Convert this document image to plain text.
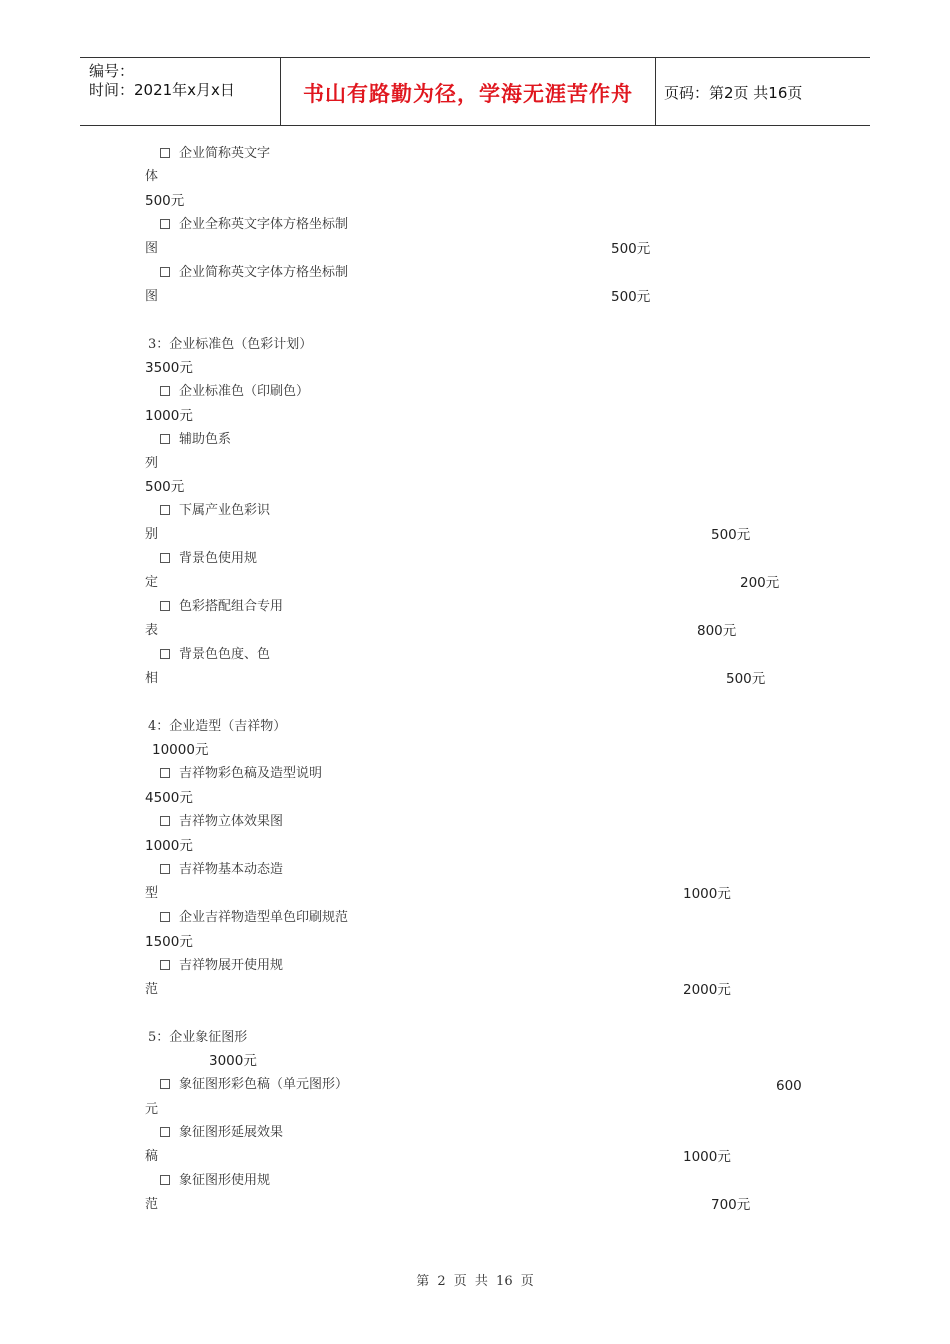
编号：
时间：2021年x月x日	书山有路勤为径，学海无涯苦作舟	页码：第2页 共16页
企业简称英文字
体
500元
企业全称英文字体方格坐标制
图	500元
企业简称英文字体方格坐标制
图	500元
3：企业标准色（色彩计划）
3500元
企业标准色（印刷色）
1000元
辅助色系
列
500元
下属产业色彩识
别	500元
背景色使用规
定	200元
色彩搭配组合专用
表	800元
背景色色度、色
相	500元
4：企业造型（吉祥物）
10000元
吉祥物彩色稿及造型说明
4500元
吉祥物立体效果图
1000元
吉祥物基本动态造
型	1000元
企业吉祥物造型单色印刷规范
1500元
吉祥物展开使用规
范	2000元
5：企业象征图形
3000元
象征图形彩色稿（单元图形）	600
元
象征图形延展效果
稿	1000元
象征图形使用规
范	700元
第 2 页 共 16 页
